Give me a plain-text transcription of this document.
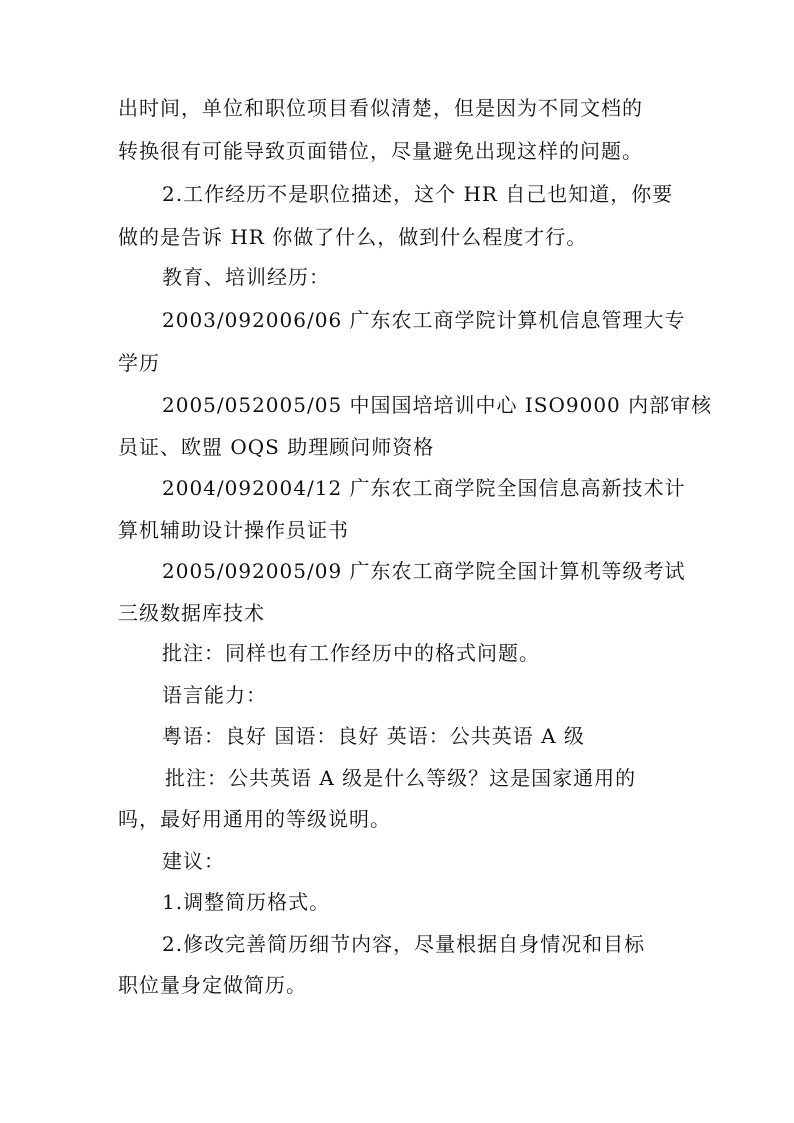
出时间，单位和职位项目看似清楚，但是因为不同文档的
转换很有可能导致页面错位，尽量避免出现这样的问题。
2.工作经历不是职位描述，这个 HR 自己也知道，你要
做的是告诉 HR 你做了什么，做到什么程度才行。
教育、培训经历：
2003/092006/06 广东农工商学院计算机信息管理大专
学历
2005/052005/05 中国国培培训中心 ISO9000 内部审核
员证、欧盟 OQS 助理顾问师资格
2004/092004/12 广东农工商学院全国信息高新技术计
算机辅助设计操作员证书
2005/092005/09 广东农工商学院全国计算机等级考试
三级数据库技术
批注：同样也有工作经历中的格式问题。
语言能力：
粤语：良好 国语：良好 英语：公共英语 A 级
批注：公共英语 A 级是什么等级？这是国家通用的
吗，最好用通用的等级说明。
建议：
1.调整简历格式。
2.修改完善简历细节内容，尽量根据自身情况和目标
职位量身定做简历。
